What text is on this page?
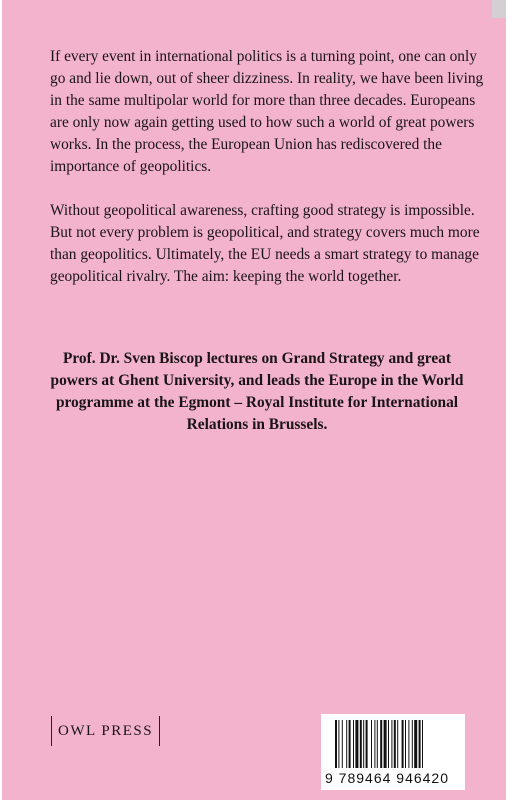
If every event in international politics is a turning point, one can only go and lie down, out of sheer dizziness. In reality, we have been living in the same multipolar world for more than three decades. Europeans are only now again getting used to how such a world of great powers works. In the process, the European Union has rediscovered the importance of geopolitics.

Without geopolitical awareness, crafting good strategy is impossible. But not every problem is geopolitical, and strategy covers much more than geopolitics. Ultimately, the EU needs a smart strategy to manage geopolitical rivalry. The aim: keeping the world together.

Prof. Dr. Sven Biscop lectures on Grand Strategy and great powers at Ghent University, and leads the Europe in the World programme at the Egmont – Royal Institute for International Relations in Brussels.

OWL PRESS
9 789464 946420
